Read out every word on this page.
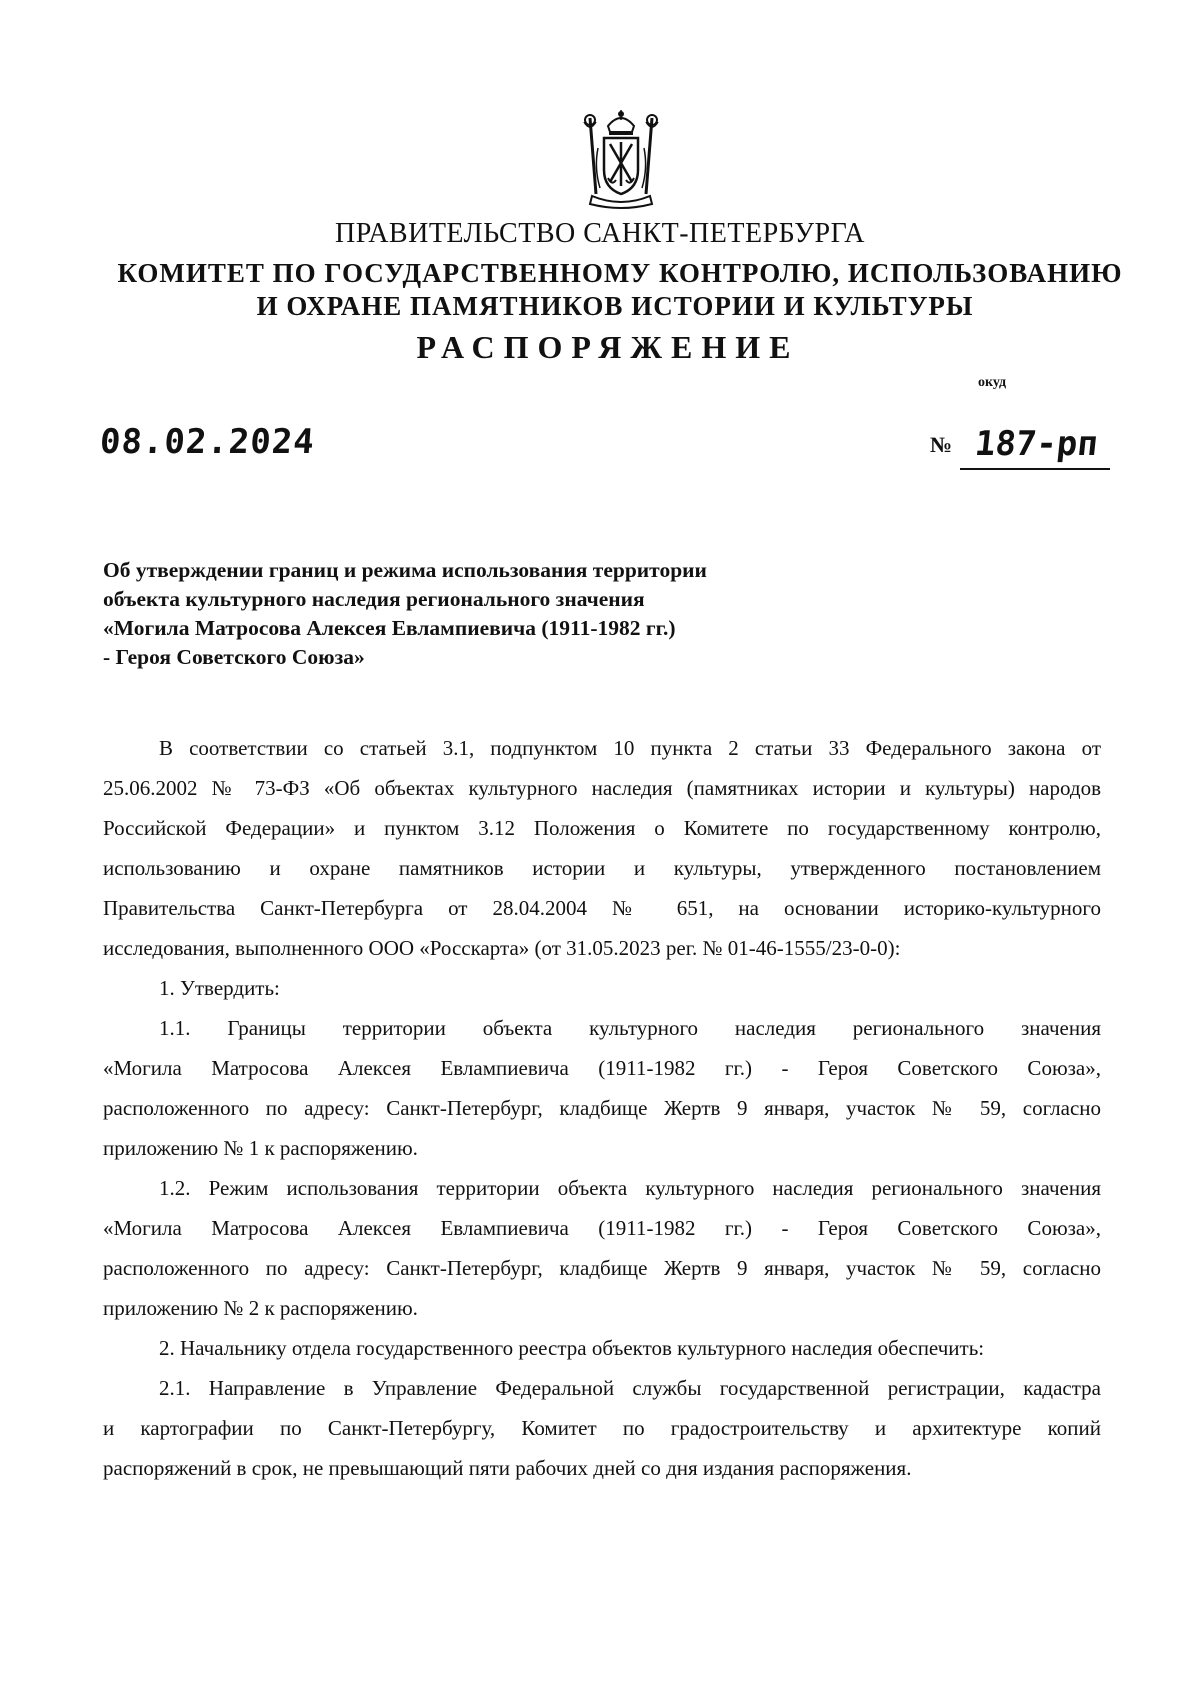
ПРАВИТЕЛЬСТВО САНКТ-ПЕТЕРБУРГА
КОМИТЕТ ПО ГОСУДАРСТВЕННОМУ КОНТРОЛЮ, ИСПОЛЬЗОВАНИЮ
И ОХРАНЕ ПАМЯТНИКОВ ИСТОРИИ И КУЛЬТУРЫ
РАСПОРЯЖЕНИЕ
окуд
08.02.2024	№ 187-рп
Об утверждении границ и режима использования территории
объекта культурного наследия регионального значения
«Могила Матросова Алексея Евлампиевича (1911-1982 гг.)
- Героя Советского Союза»
В соответствии со статьей 3.1, подпунктом 10 пункта 2 статьи 33 Федерального закона от
25.06.2002 № 73-ФЗ «Об объектах культурного наследия (памятниках истории и культуры) народов
Российской Федерации» и пунктом 3.12 Положения о Комитете по государственному контролю,
использованию и охране памятников истории и культуры, утвержденного постановлением
Правительства Санкт-Петербурга от 28.04.2004 № 651, на основании историко-культурного
исследования, выполненного ООО «Росскарта» (от 31.05.2023 рег. № 01-46-1555/23-0-0):
1. Утвердить:
1.1. Границы территории объекта культурного наследия регионального значения
«Могила Матросова Алексея Евлампиевича (1911-1982 гг.) - Героя Советского Союза»,
расположенного по адресу: Санкт-Петербург, кладбище Жертв 9 января, участок № 59, согласно
приложению № 1 к распоряжению.
1.2. Режим использования территории объекта культурного наследия регионального значения
«Могила Матросова Алексея Евлампиевича (1911-1982 гг.) - Героя Советского Союза»,
расположенного по адресу: Санкт-Петербург, кладбище Жертв 9 января, участок № 59, согласно
приложению № 2 к распоряжению.
2. Начальнику отдела государственного реестра объектов культурного наследия обеспечить:
2.1. Направление в Управление Федеральной службы государственной регистрации, кадастра
и картографии по Санкт-Петербургу, Комитет по градостроительству и архитектуре копий
распоряжений в срок, не превышающий пяти рабочих дней со дня издания распоряжения.
